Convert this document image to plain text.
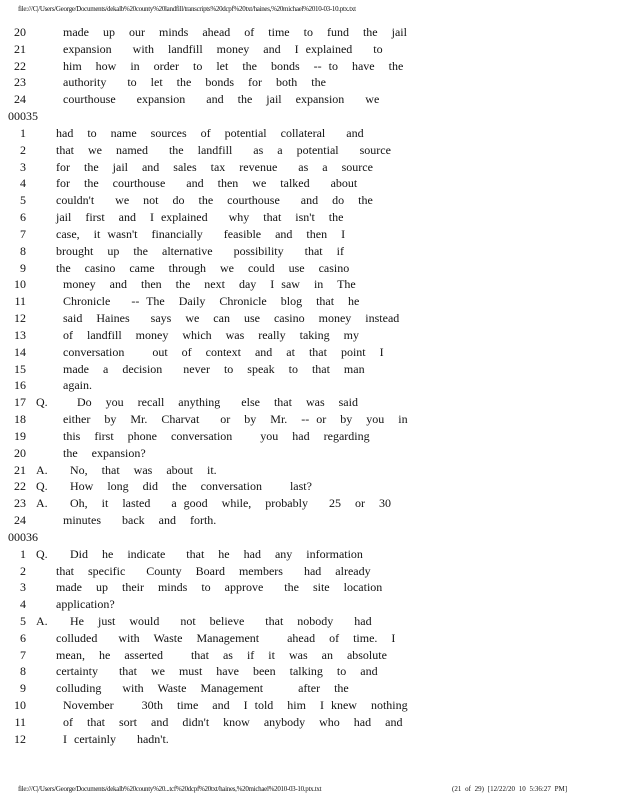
file:///C|/Users/George/Documents/dekalb%20county%20landfill/transcripts%20dcpf%20txt/haines,%20michael%2010-03-10.ptx.txt
20	made  up  our  minds  ahead  of  time  to  fund  the  jail
21	expansion   with  landfill  money  and  I explained   to
22	him  how  in  order  to  let  the  bonds  -- to  have  the
23	authority   to  let  the  bonds  for  both  the
24	courthouse   expansion   and  the  jail  expansion   we
00035
1	had  to  name  sources  of  potential  collateral   and
2	that  we  named   the  landfill   as  a  potential   source
3	for  the  jail  and  sales  tax  revenue   as  a  source
4	for  the  courthouse   and  then  we  talked   about
5	couldn't   we  not  do  the  courthouse   and  do  the
6	jail  first  and  I explained   why  that  isn't  the
7	case,  it wasn't  financially   feasible  and  then  I
8	brought  up  the  alternative   possibility   that  if
9	the  casino  came  through  we  could  use  casino
10	money  and  then  the  next  day  I saw  in  The
11	Chronicle   -- The  Daily  Chronicle  blog  that  he
12	said  Haines   says  we  can  use  casino  money  instead
13	of  landfill  money  which  was  really  taking  my
14	conversation    out  of  context  and  at  that  point  I
15	made  a  decision   never  to  speak  to  that  man
16	again.
17 Q. Do  you  recall  anything   else  that  was  said
18	either  by  Mr.  Charvat   or  by  Mr.  -- or  by  you  in
19	this  first  phone  conversation    you  had  regarding
20	the  expansion?
21 A. No,  that  was  about  it.
22 Q. How  long  did  the  conversation    last?
23 A. Oh,  it  lasted   a good  while,  probably   25  or  30
24	minutes   back  and  forth.
00036
1 Q. Did  he  indicate   that  he  had  any  information
2	that  specific   County  Board  members   had  already
3	made  up  their  minds  to  approve   the  site  location
4	application?
5 A. He  just  would   not  believe   that  nobody   had
6	colluded   with  Waste  Management    ahead  of  time.  I
7	mean,  he  asserted    that  as  if  it  was  an  absolute
8	certainty   that  we  must  have  been  talking  to  and
9	colluding   with  Waste  Management     after  the
10	November    30th  time  and  I told  him  I knew  nothing
11	of  that  sort  and  didn't  know  anybody  who  had  and
12	I certainly   hadn't.
file:///C|/Users/George/Documents/dekalb%20county%20...tcf%20dcpf%20txt/haines,%20michael%2010-03-10.ptx.txt	(21 of 29) [12/22/20 10 5:36:27 PM]
